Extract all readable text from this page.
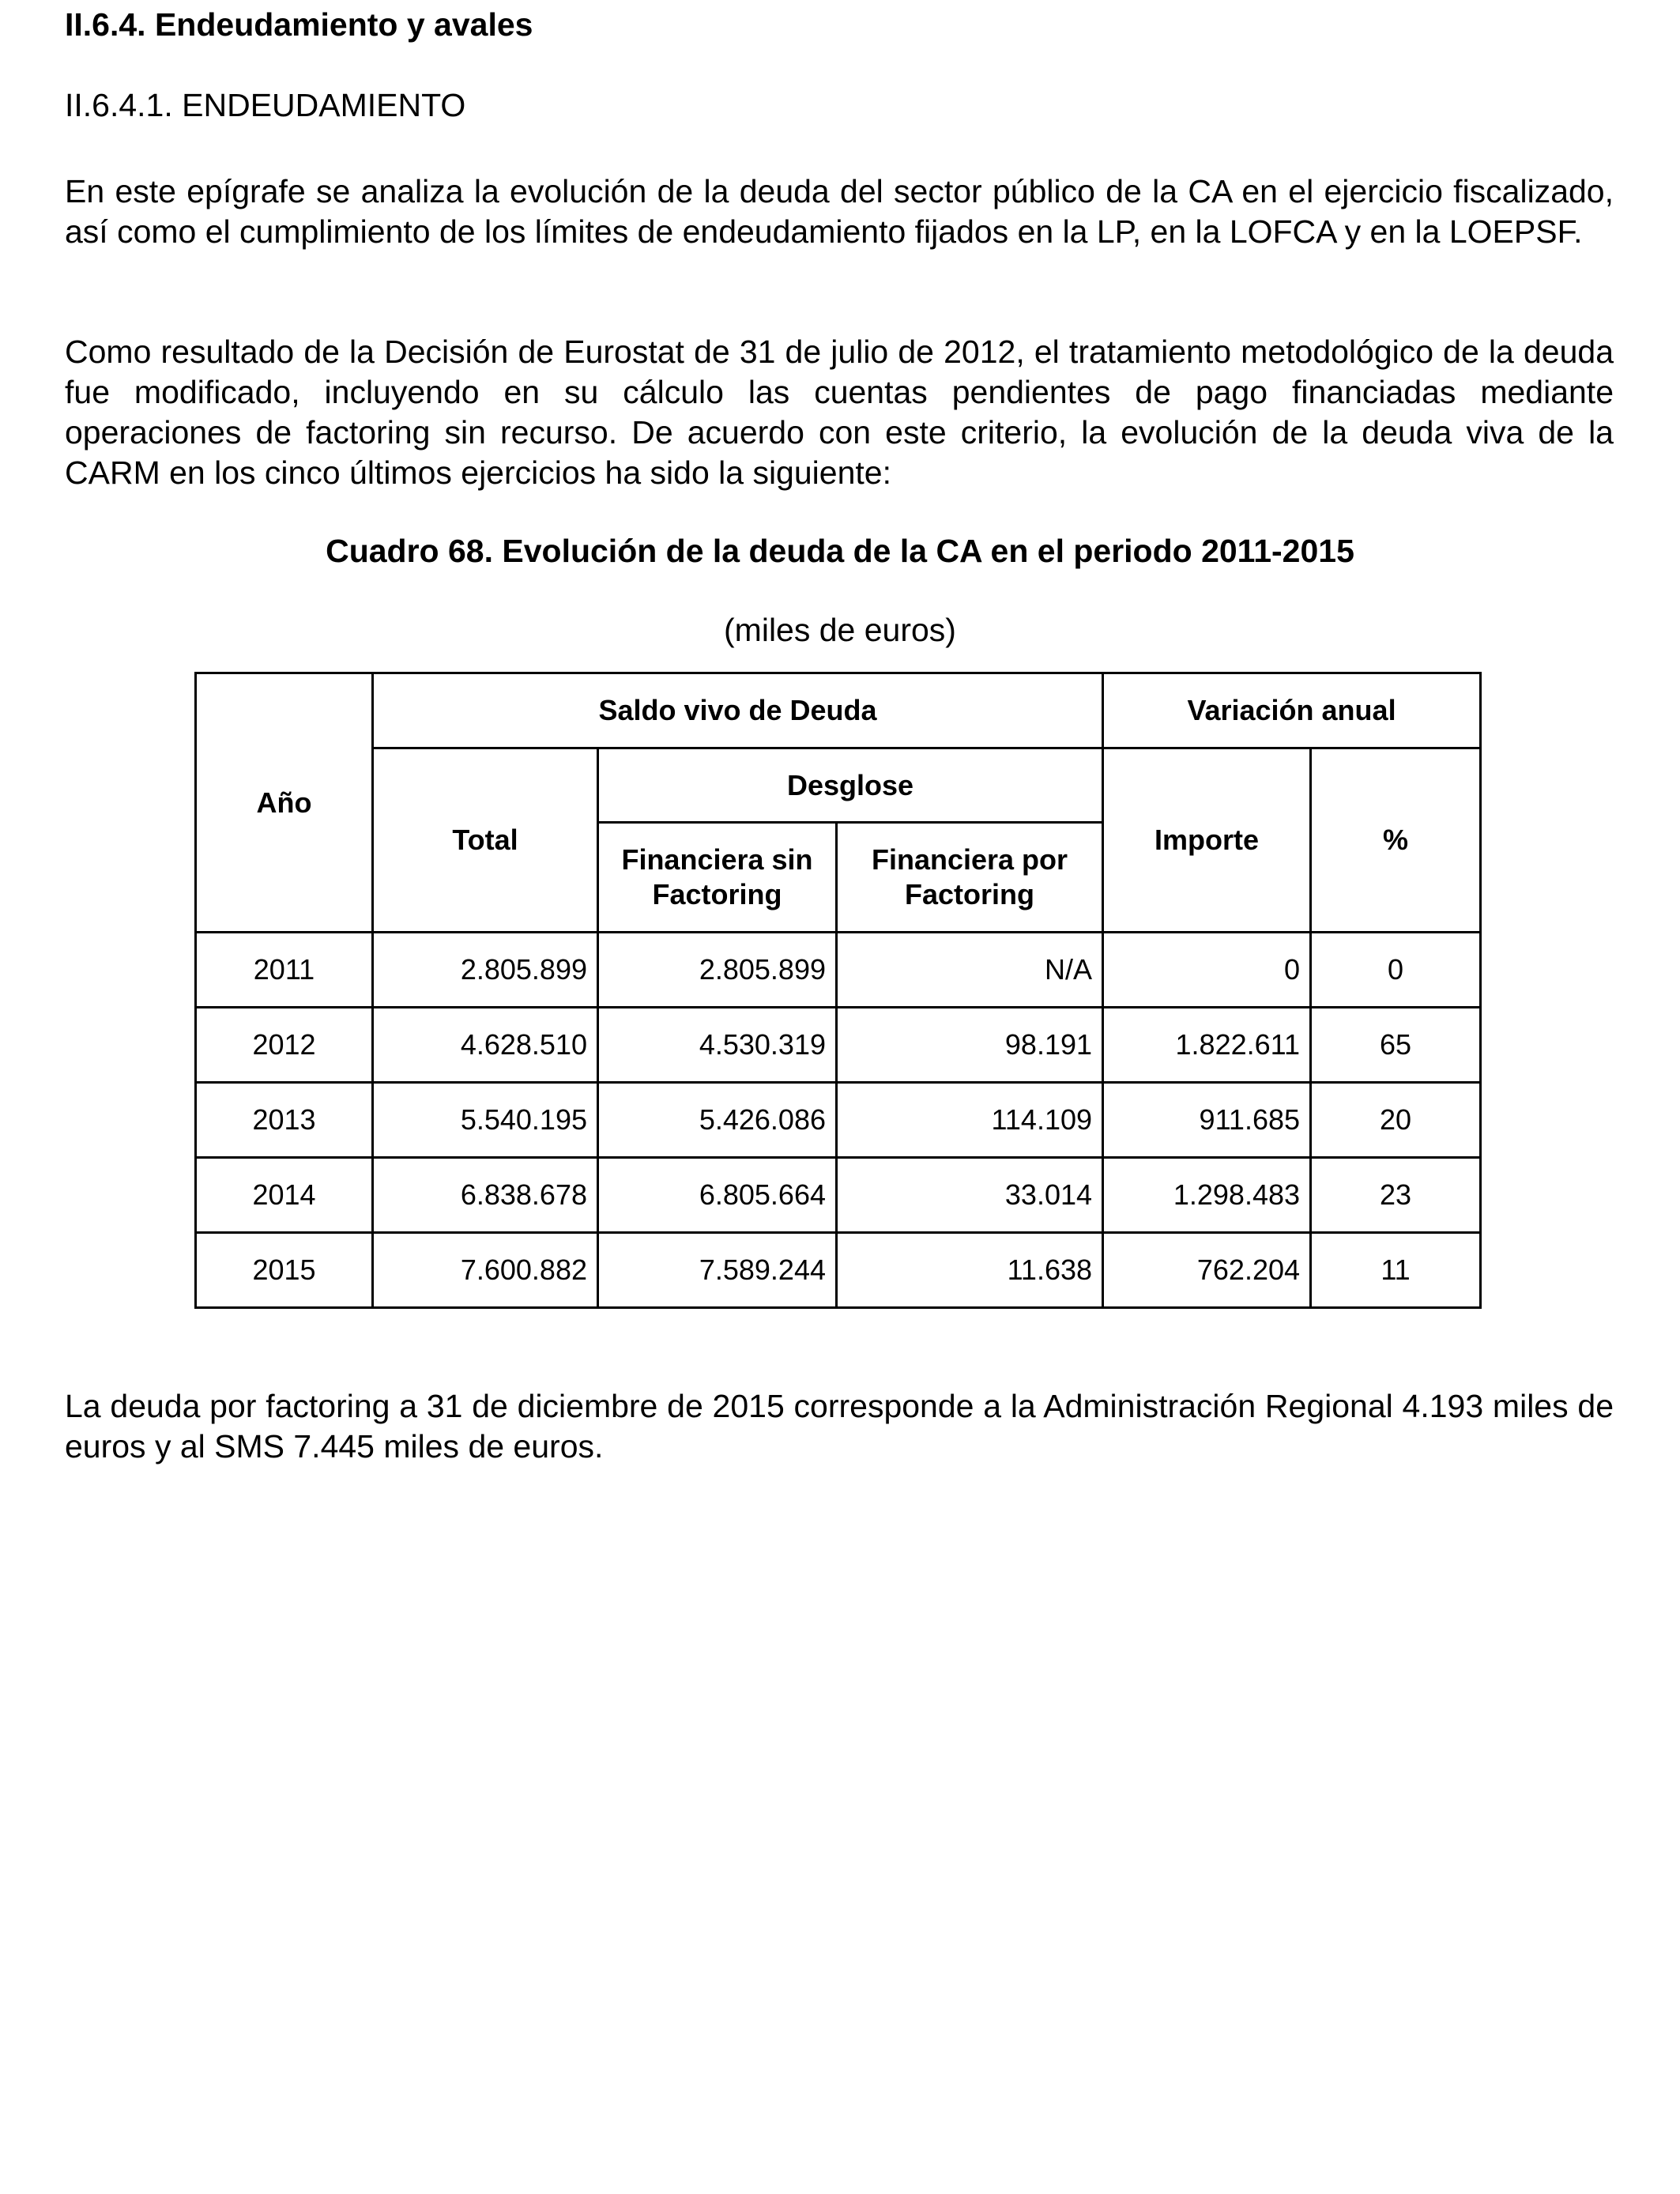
II.6.4. Endeudamiento y avales
II.6.4.1. ENDEUDAMIENTO

En este epígrafe se analiza la evolución de la deuda del sector público de la CA en el ejercicio fiscalizado, así como el cumplimiento de los límites de endeudamiento fijados en la LP, en la LOFCA y en la LOEPSF.

Como resultado de la Decisión de Eurostat de 31 de julio de 2012, el tratamiento metodológico de la deuda fue modificado, incluyendo en su cálculo las cuentas pendientes de pago financiadas mediante operaciones de factoring sin recurso. De acuerdo con este criterio, la evolución de la deuda viva de la CARM en los cinco últimos ejercicios ha sido la siguiente:

Cuadro 68. Evolución de la deuda de la CA en el periodo 2011-2015
(miles de euros)
Año	Saldo vivo de Deuda			Variación anual	
	Total	Desglose		Importe	%
		Financiera sin Factoring	Financiera por Factoring		
2011	2.805.899	2.805.899	N/A	0	0
2012	4.628.510	4.530.319	98.191	1.822.611	65
2013	5.540.195	5.426.086	114.109	911.685	20
2014	6.838.678	6.805.664	33.014	1.298.483	23
2015	7.600.882	7.589.244	11.638	762.204	11

La deuda por factoring a 31 de diciembre de 2015 corresponde a la Administración Regional 4.193 miles de euros y al SMS 7.445 miles de euros.
